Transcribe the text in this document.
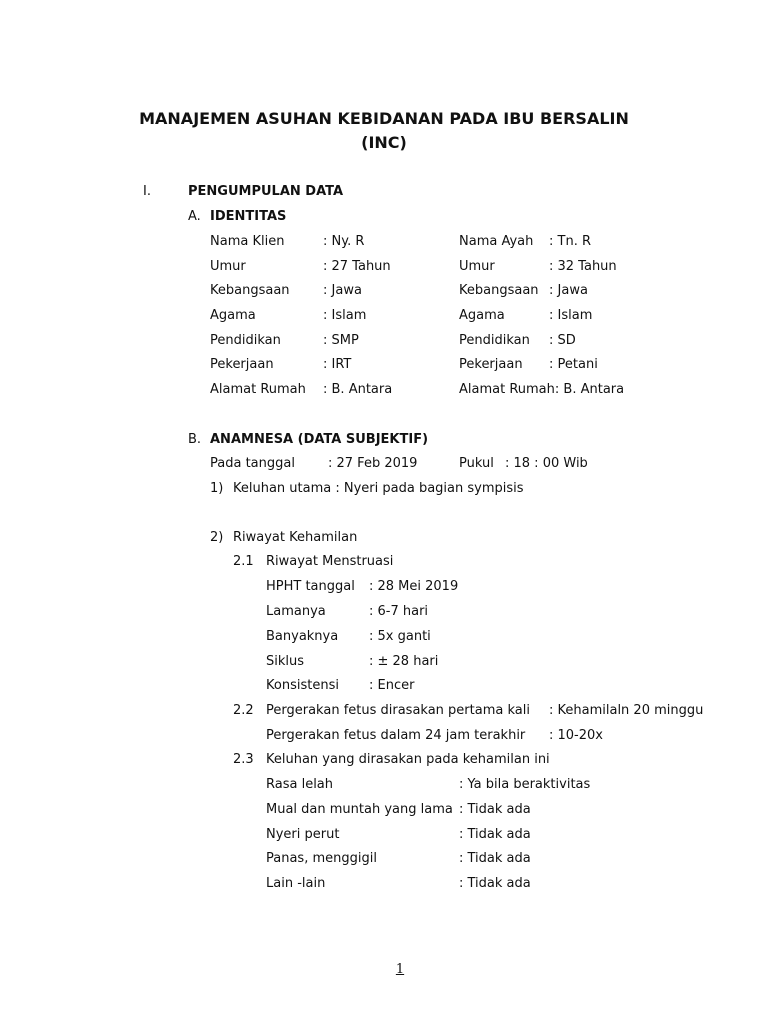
MANAJEMEN ASUHAN KEBIDANAN PADA IBU BERSALIN
(INC)
I.	PENGUMPULAN DATA
A. IDENTITAS
Nama Klien	: Ny. R	Nama Ayah : Tn. R
Umur	: 27 Tahun	Umur	: 32 Tahun
Kebangsaan	: Jawa	Kebangsaan : Jawa
Agama	: Islam	Agama	: Islam
Pendidikan	: SMP	Pendidikan : SD
Pekerjaan	: IRT	Pekerjaan : Petani
Alamat Rumah : B. Antara	Alamat Rumah: B. Antara
B. ANAMNESA (DATA SUBJEKTIF)
Pada tanggal	: 27 Feb 2019	Pukul : 18 : 00 Wib
1) Keluhan utama : Nyeri pada bagian sympisis
2) Riwayat Kehamilan
2.1 Riwayat Menstruasi
HPHT tanggal : 28 Mei 2019
Lamanya	: 6-7 hari
Banyaknya : 5x ganti
Siklus	: ± 28 hari
Konsistensi : Encer
2.2 Pergerakan fetus dirasakan pertama kali : Kehamilaln 20 minggu
Pergerakan fetus dalam 24 jam terakhir : 10-20x
2.3 Keluhan yang dirasakan pada kehamilan ini
Rasa lelah	: Ya bila beraktivitas
Mual dan muntah yang lama : Tidak ada
Nyeri perut	: Tidak ada
Panas, menggigil	: Tidak ada
Lain -lain	: Tidak ada
1
